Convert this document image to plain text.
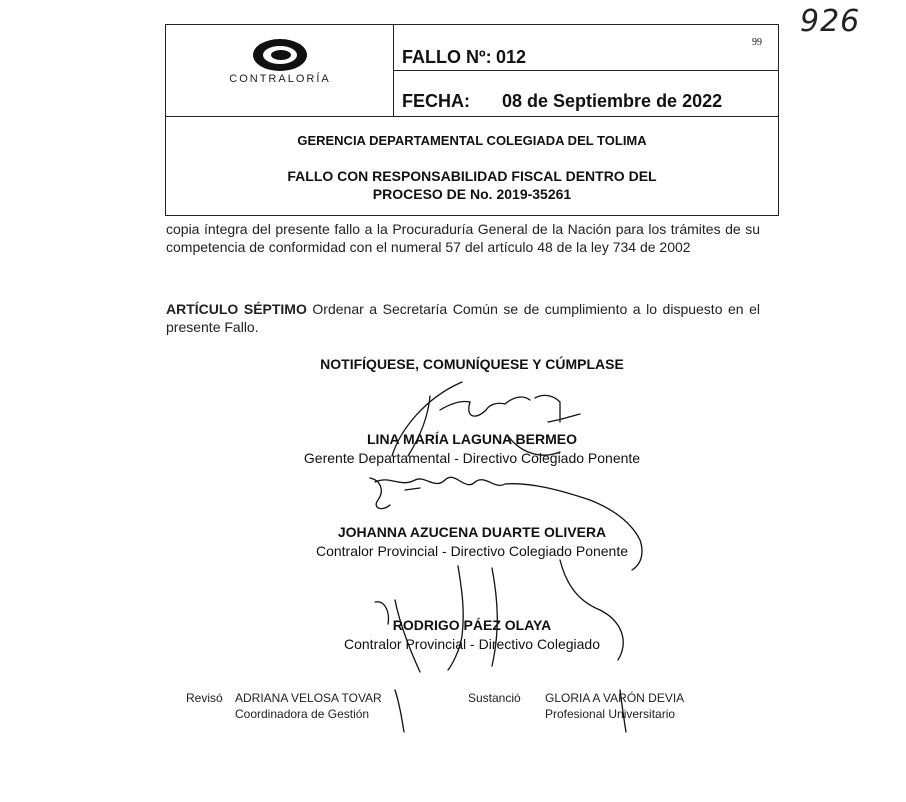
926
CONTRALORÍA
FALLO Nº: 012
99
FECHA: 08 de Septiembre de 2022
GERENCIA DEPARTAMENTAL COLEGIADA DEL TOLIMA
FALLO CON RESPONSABILIDAD FISCAL DENTRO DEL
PROCESO DE No. 2019-35261
copia íntegra del presente fallo a la Procuraduría General de la Nación para los trámites de su competencia de conformidad con el numeral 57 del artículo 48 de la ley 734 de 2002
ARTÍCULO SÉPTIMO Ordenar a Secretaría Común se de cumplimiento a lo dispuesto en el presente Fallo.
NOTIFÍQUESE, COMUNÍQUESE Y CÚMPLASE
LINA MARÍA LAGUNA BERMEO
Gerente Departamental - Directivo Colegiado Ponente
JOHANNA AZUCENA DUARTE OLIVERA
Contralor Provincial - Directivo Colegiado Ponente
RODRIGO PÁEZ OLAYA
Contralor Provincial - Directivo Colegiado
Revisó ADRIANA VELOSA TOVAR
Coordinadora de Gestión
Sustanció GLORIA A VARÓN DEVIA
Profesional Universitario
